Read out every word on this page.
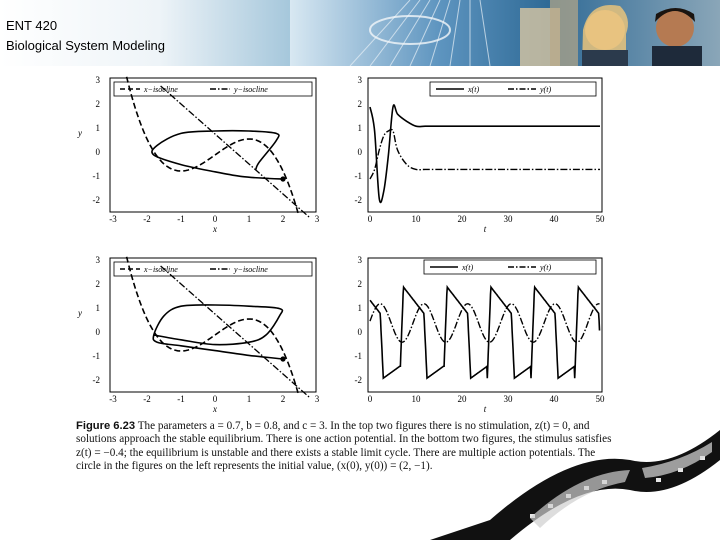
ENT 420
Biological System Modeling
3
2
1
0
-1
-2
-3	-2	-1	0	1	2	3
x
y
x−isocline	y−isocline
3
2
1
0
-1
-2
0	10	20	30	40	50
t
x(t)	y(t)
3
2
1
0
-1
-2
-3	-2	-1	0	1	2	3
x
y
x−isocline	y−isocline
3
2
1
0
-1
-2
0	10	20	30	40	50
t
x(t)	y(t)
Figure 6.23 The parameters a = 0.7, b = 0.8, and c = 3. In the top two figures there is no stimulation, z(t) = 0, and solutions approach the stable equilibrium. There is one action potential. In the bottom two figures, the stimulus satisfies z(t) = −0.4; the equilibrium is unstable and there exists a stable limit cycle. There are multiple action potentials. The circle in the figures on the left represents the initial value, (x(0), y(0)) = (2, −1).
